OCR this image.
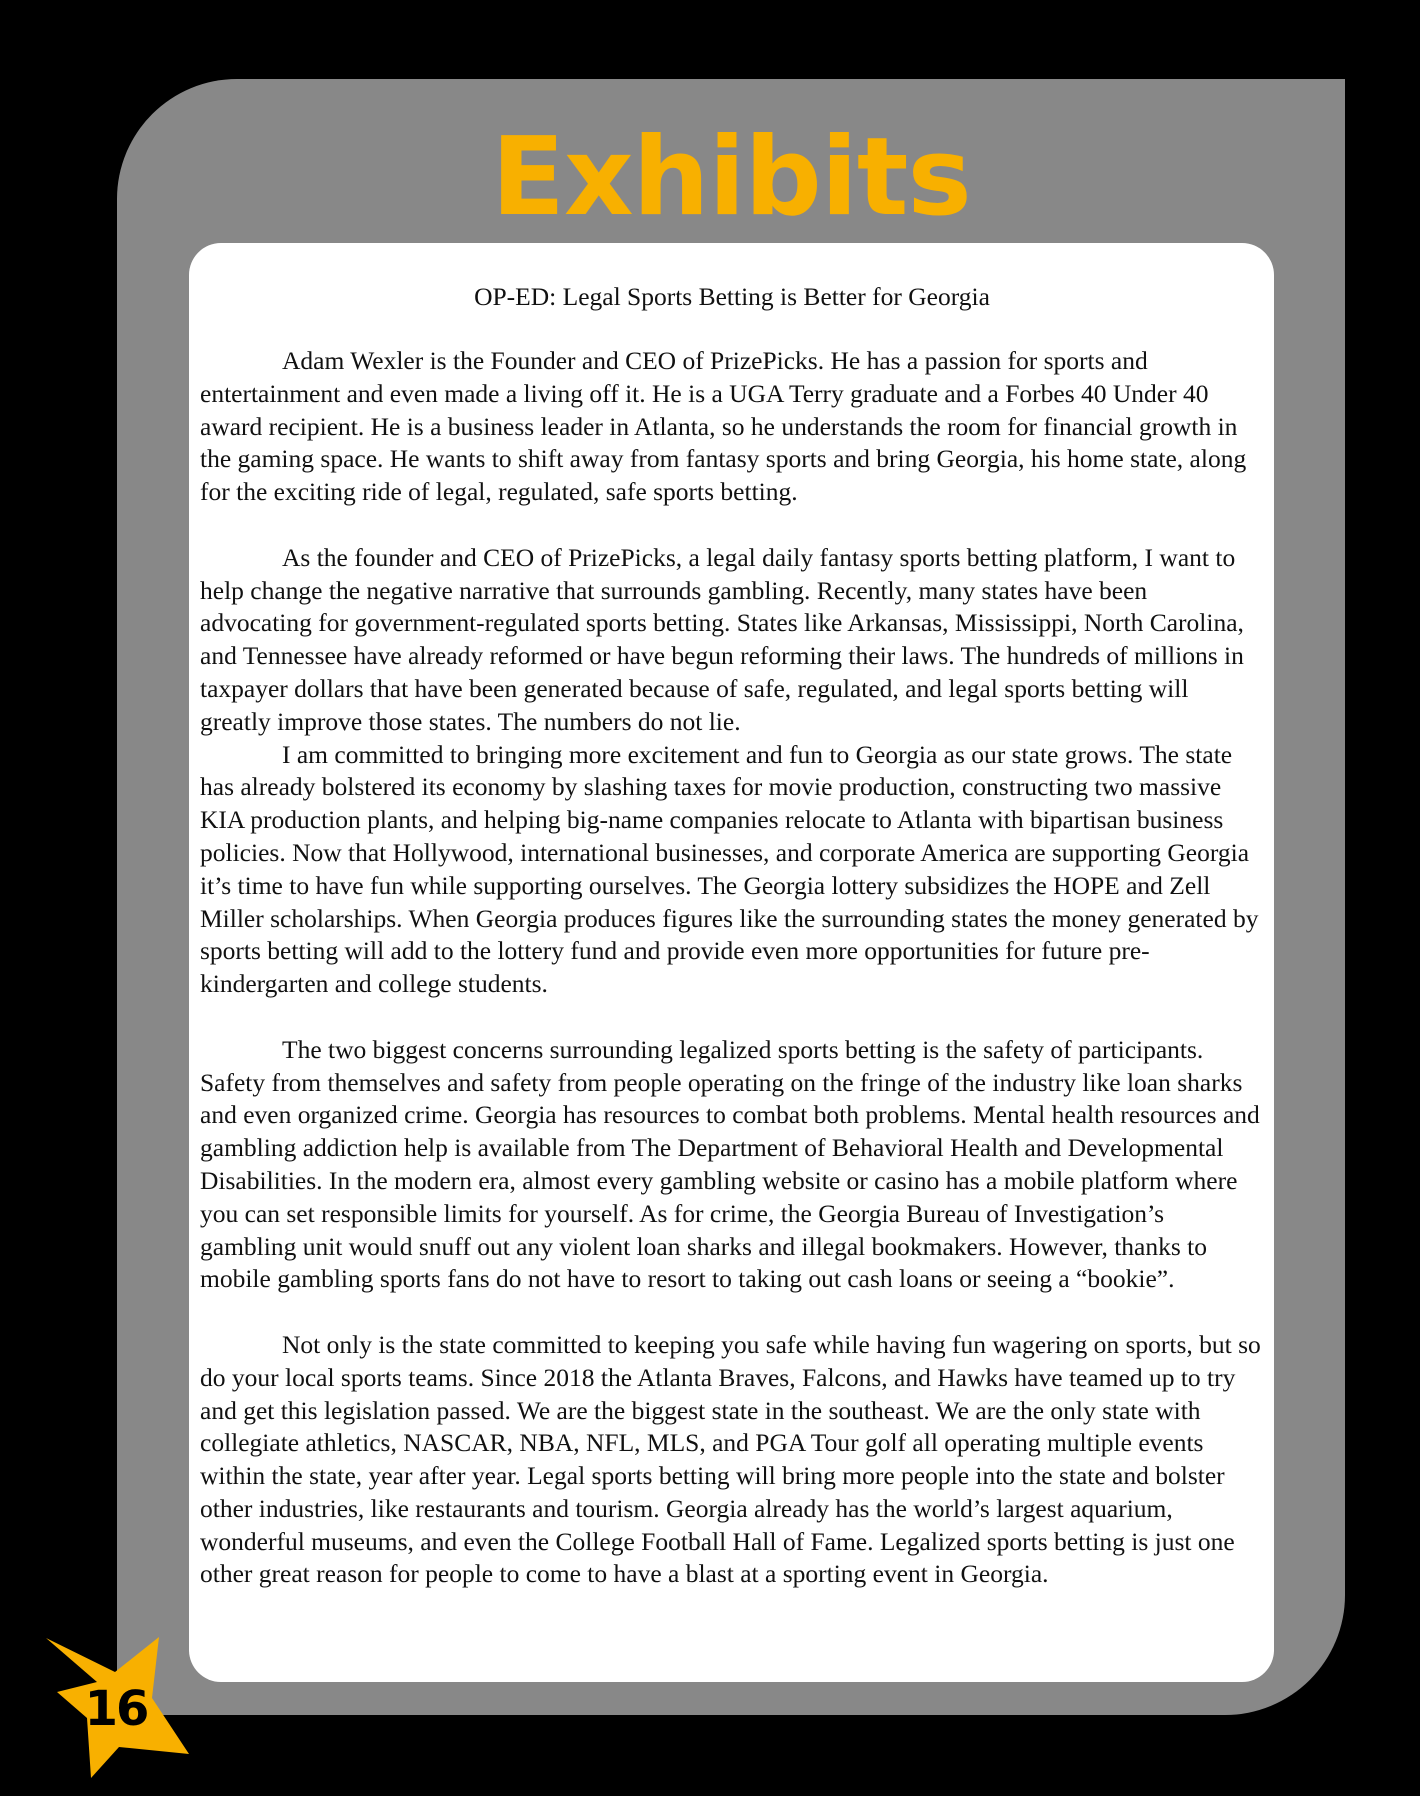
Exhibits
OP-ED: Legal Sports Betting is Better for Georgia

Adam Wexler is the Founder and CEO of PrizePicks. He has a passion for sports and entertainment and even made a living off it. He is a UGA Terry graduate and a Forbes 40 Under 40 award recipient. He is a business leader in Atlanta, so he understands the room for financial growth in the gaming space. He wants to shift away from fantasy sports and bring Georgia, his home state, along for the exciting ride of legal, regulated, safe sports betting.

As the founder and CEO of PrizePicks, a legal daily fantasy sports betting platform, I want to help change the negative narrative that surrounds gambling. Recently, many states have been advocating for government-regulated sports betting. States like Arkansas, Mississippi, North Carolina, and Tennessee have already reformed or have begun reforming their laws. The hundreds of millions in taxpayer dollars that have been generated because of safe, regulated, and legal sports betting will greatly improve those states. The numbers do not lie.

I am committed to bringing more excitement and fun to Georgia as our state grows. The state has already bolstered its economy by slashing taxes for movie production, constructing two massive KIA production plants, and helping big-name companies relocate to Atlanta with bipartisan business policies. Now that Hollywood, international businesses, and corporate America are supporting Georgia it’s time to have fun while supporting ourselves. The Georgia lottery subsidizes the HOPE and Zell Miller scholarships. When Georgia produces figures like the surrounding states the money generated by sports betting will add to the lottery fund and provide even more opportunities for future pre-kindergarten and college students.

The two biggest concerns surrounding legalized sports betting is the safety of participants. Safety from themselves and safety from people operating on the fringe of the industry like loan sharks and even organized crime. Georgia has resources to combat both problems. Mental health resources and gambling addiction help is available from The Department of Behavioral Health and Developmental Disabilities. In the modern era, almost every gambling website or casino has a mobile platform where you can set responsible limits for yourself. As for crime, the Georgia Bureau of Investigation’s gambling unit would snuff out any violent loan sharks and illegal bookmakers. However, thanks to mobile gambling sports fans do not have to resort to taking out cash loans or seeing a “bookie”.

Not only is the state committed to keeping you safe while having fun wagering on sports, but so do your local sports teams. Since 2018 the Atlanta Braves, Falcons, and Hawks have teamed up to try and get this legislation passed. We are the biggest state in the southeast. We are the only state with collegiate athletics, NASCAR, NBA, NFL, MLS, and PGA Tour golf all operating multiple events within the state, year after year. Legal sports betting will bring more people into the state and bolster other industries, like restaurants and tourism. Georgia already has the world’s largest aquarium, wonderful museums, and even the College Football Hall of Fame. Legalized sports betting is just one other great reason for people to come to have a blast at a sporting event in Georgia.

16
